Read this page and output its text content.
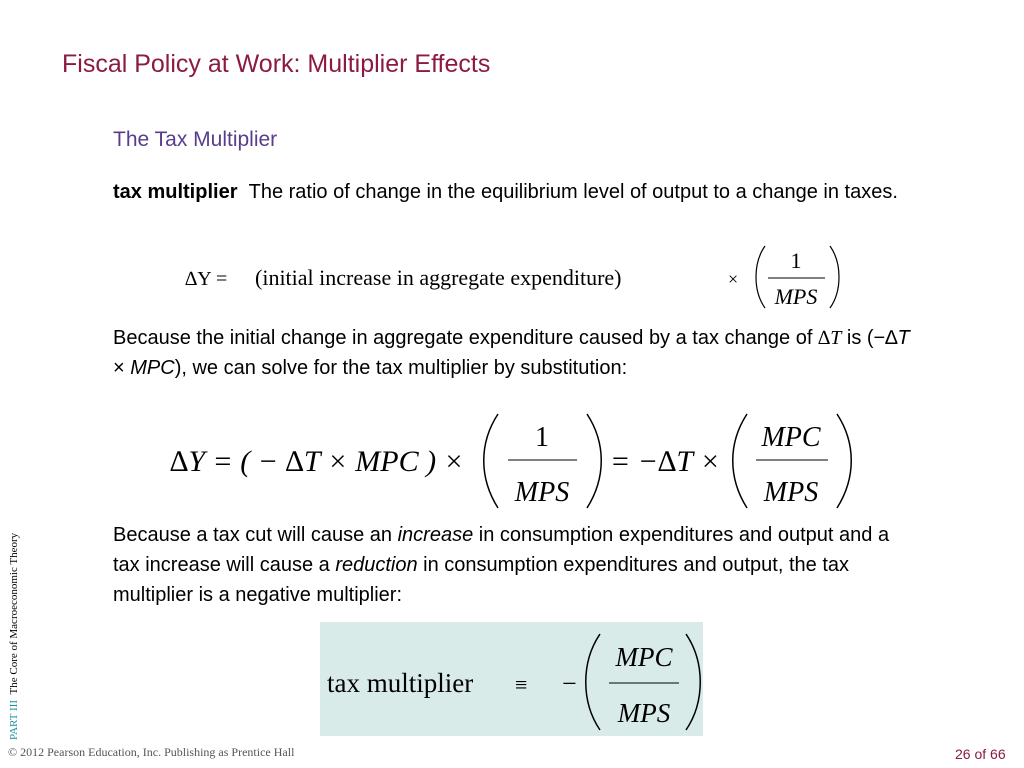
Fiscal Policy at Work: Multiplier Effects
The Tax Multiplier
tax multiplier The ratio of change in the equilibrium level of output to a change in taxes.
∆Y = (initial increase in aggregate expenditure)	×
1
MPS
Because the initial change in aggregate expenditure caused by a tax change of ∆T is (−∆T × MPC), we can solve for the tax multiplier by substitution:
∆Y = ( − ∆T × MPC ) ×
1
MPS
= −∆T ×
MPC
MPS
Because a tax cut will cause an increase in consumption expenditures and output and a tax increase will cause a reduction in consumption expenditures and output, the tax multiplier is a negative multiplier:
tax multiplier ≡ −
MPC
MPS
PART III  The Core of Macroeconomic Theory
© 2012 Pearson Education, Inc. Publishing as Prentice Hall	26 of 66
